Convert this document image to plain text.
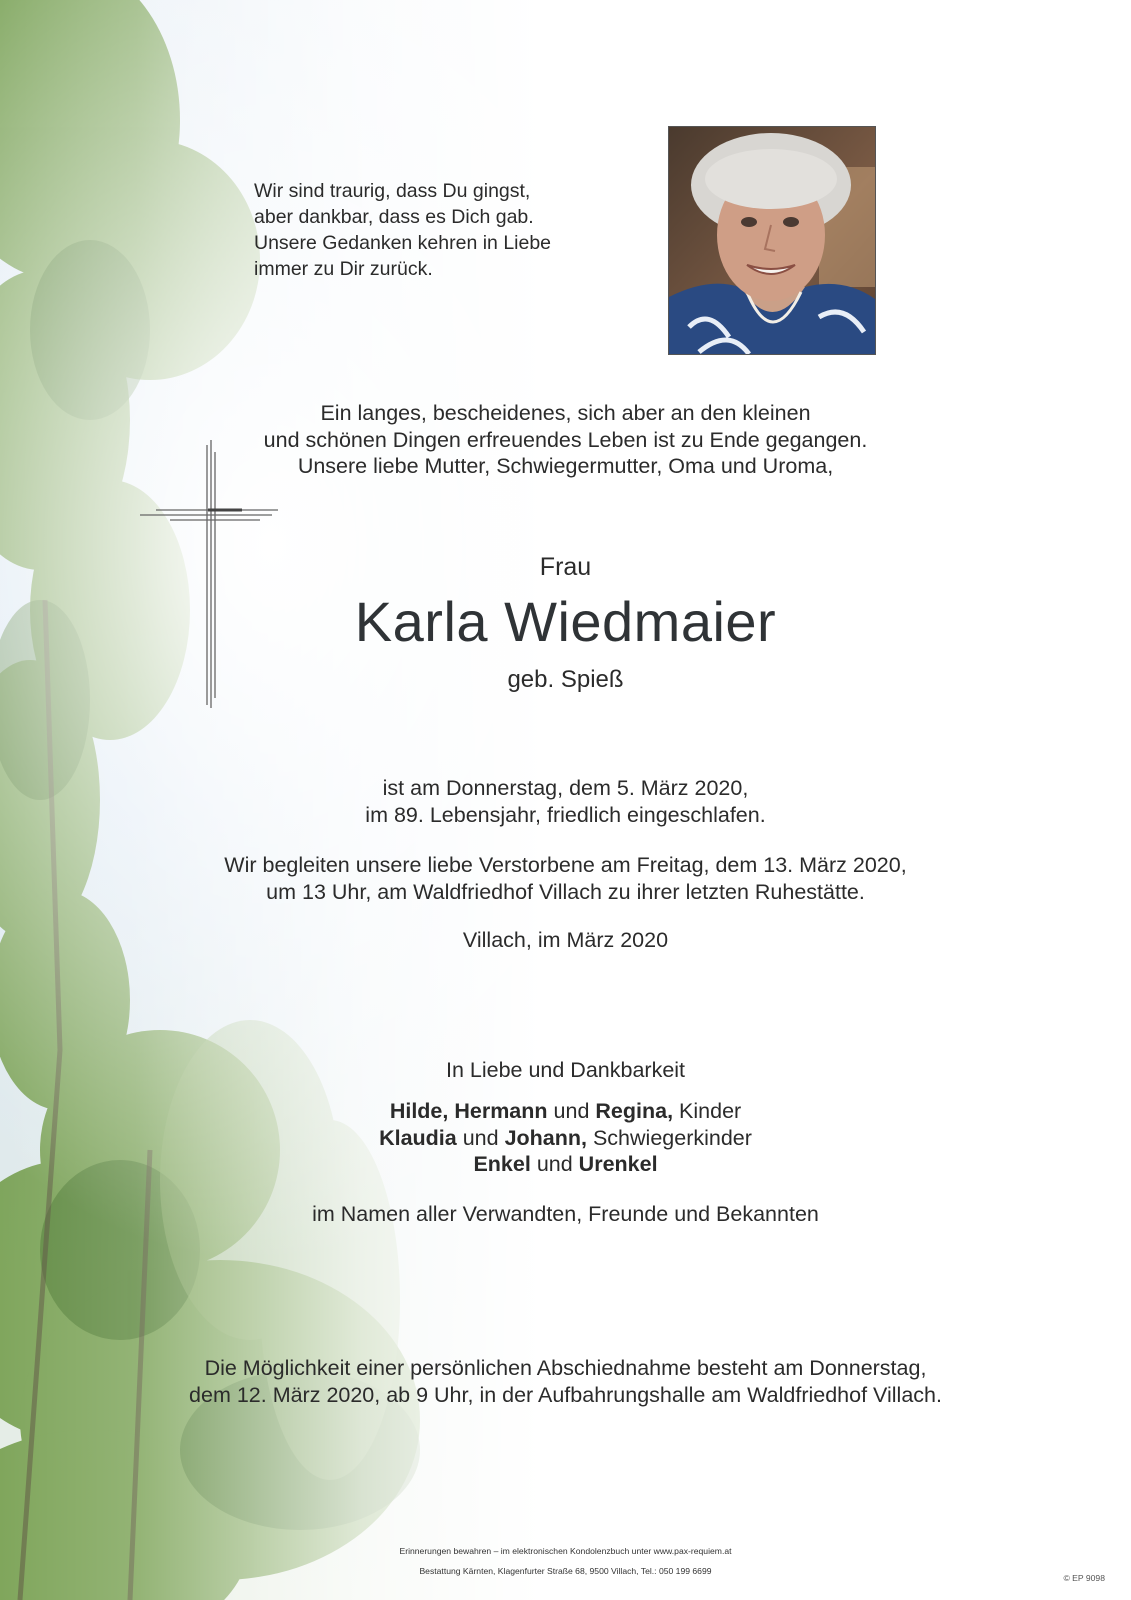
Wir sind traurig, dass Du gingst,
aber dankbar, dass es Dich gab.
Unsere Gedanken kehren in Liebe
immer zu Dir zurück.
Ein langes, bescheidenes, sich aber an den kleinen
und schönen Dingen erfreuendes Leben ist zu Ende gegangen.
Unsere liebe Mutter, Schwiegermutter, Oma und Uroma,
Frau
Karla Wiedmaier
geb. Spieß
ist am Donnerstag, dem 5. März 2020,
im 89. Lebensjahr, friedlich eingeschlafen.
Wir begleiten unsere liebe Verstorbene am Freitag, dem 13. März 2020,
um 13 Uhr, am Waldfriedhof Villach zu ihrer letzten Ruhestätte.
Villach, im März 2020
In Liebe und Dankbarkeit
Hilde, Hermann und Regina, Kinder
Klaudia und Johann, Schwiegerkinder
Enkel und Urenkel
im Namen aller Verwandten, Freunde und Bekannten
Die Möglichkeit einer persönlichen Abschiednahme besteht am Donnerstag,
dem 12. März 2020, ab 9 Uhr, in der Aufbahrungshalle am Waldfriedhof Villach.
Erinnerungen bewahren – im elektronischen Kondolenzbuch unter www.pax-requiem.at
Bestattung Kärnten, Klagenfurter Straße 68, 9500 Villach, Tel.: 050 199 6699
© EP 9098
